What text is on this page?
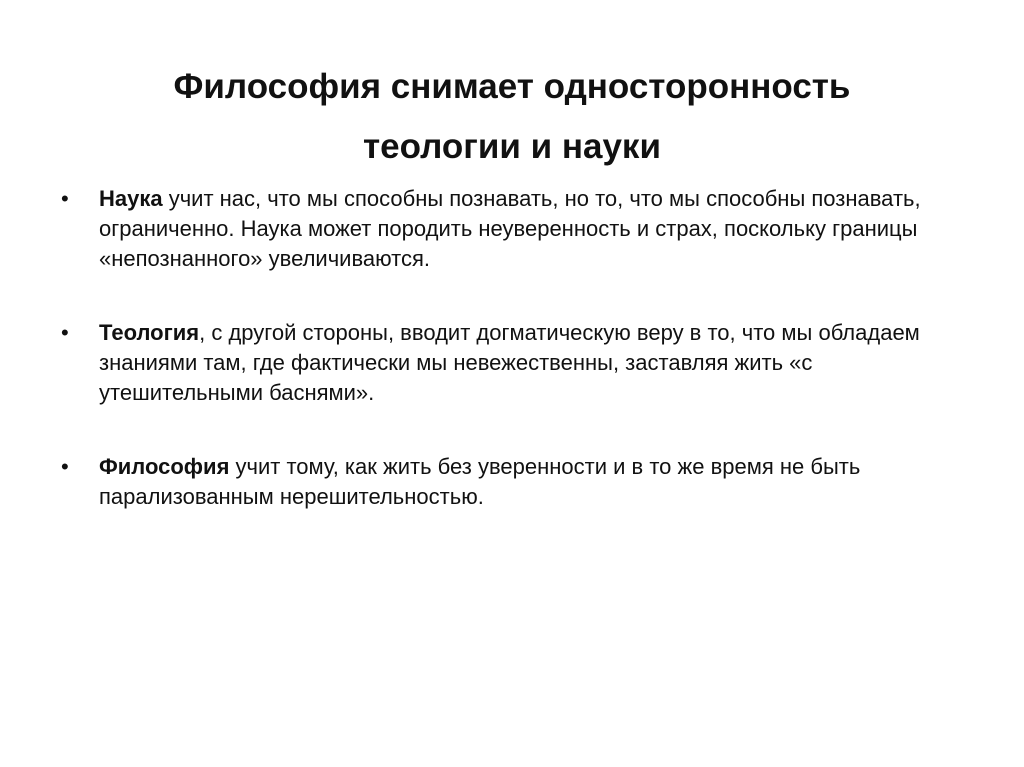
Философия снимает односторонность
теологии и науки
• Наука учит нас, что мы способны познавать, но то, что мы способны познавать, ограниченно. Наука может породить неуверенность и страх, поскольку границы «непознанного» увеличиваются.
• Теология, с другой стороны, вводит догматическую веру в то, что мы обладаем знаниями там, где фактически мы невежественны, заставляя жить «с утешительными баснями».
• Философия учит тому, как жить без уверенности и в то же время не быть парализованным нерешительностью.
